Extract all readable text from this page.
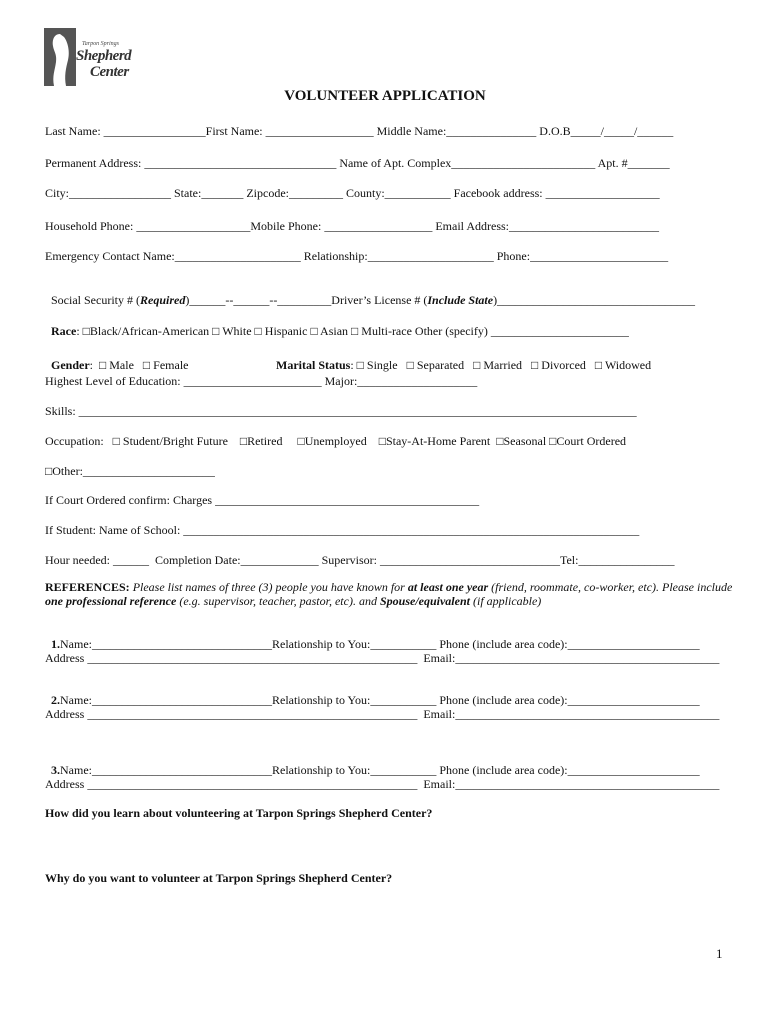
Tarpon Springs
Shepherd
Center
VOLUNTEER APPLICATION
Last Name: _________________First Name: __________________ Middle Name:_______________ D.O.B_____/_____/______
Permanent Address: ________________________________ Name of Apt. Complex________________________ Apt. #_______
City:_________________ State:_______ Zipcode:_________ County:___________ Facebook address: ___________________
Household Phone: ___________________Mobile Phone: __________________ Email Address:_________________________
Emergency Contact Name:_____________________ Relationship:_____________________ Phone:_______________________

Social Security # (Required)______--______--_________Driver’s License # (Include State)_________________________________

Race: □Black/African-American □ White □ Hispanic □ Asian □ Multi-race Other (specify) _______________________

Gender:  □ Male   □ Female	Marital Status: □ Single   □ Separated   □ Married   □ Divorced   □ Widowed

Highest Level of Education: _______________________ Major:____________________
Skills: _____________________________________________________________________________________________
Occupation:   □ Student/Bright Future    □Retired     □Unemployed    □Stay-At-Home Parent  □Seasonal □Court Ordered
□Other:______________________
If Court Ordered confirm: Charges ____________________________________________
If Student: Name of School: ____________________________________________________________________________
Hour needed: ______  Completion Date:_____________ Supervisor: ______________________________Tel:________________
REFERENCES: Please list names of three (3) people you have known for at least one year (friend, roommate, co-worker, etc). Please include one professional reference (e.g. supervisor, teacher, pastor, etc). and Spouse/equivalent (if applicable)

1.Name:______________________________Relationship to You:___________ Phone (include area code):______________________

Address _______________________________________________________  Email:____________________________________________

2.Name:______________________________Relationship to You:___________ Phone (include area code):______________________

Address _______________________________________________________  Email:____________________________________________

3.Name:______________________________Relationship to You:___________ Phone (include area code):______________________

Address _______________________________________________________  Email:____________________________________________
How did you learn about volunteering at Tarpon Springs Shepherd Center?
Why do you want to volunteer at Tarpon Springs Shepherd Center?
1
